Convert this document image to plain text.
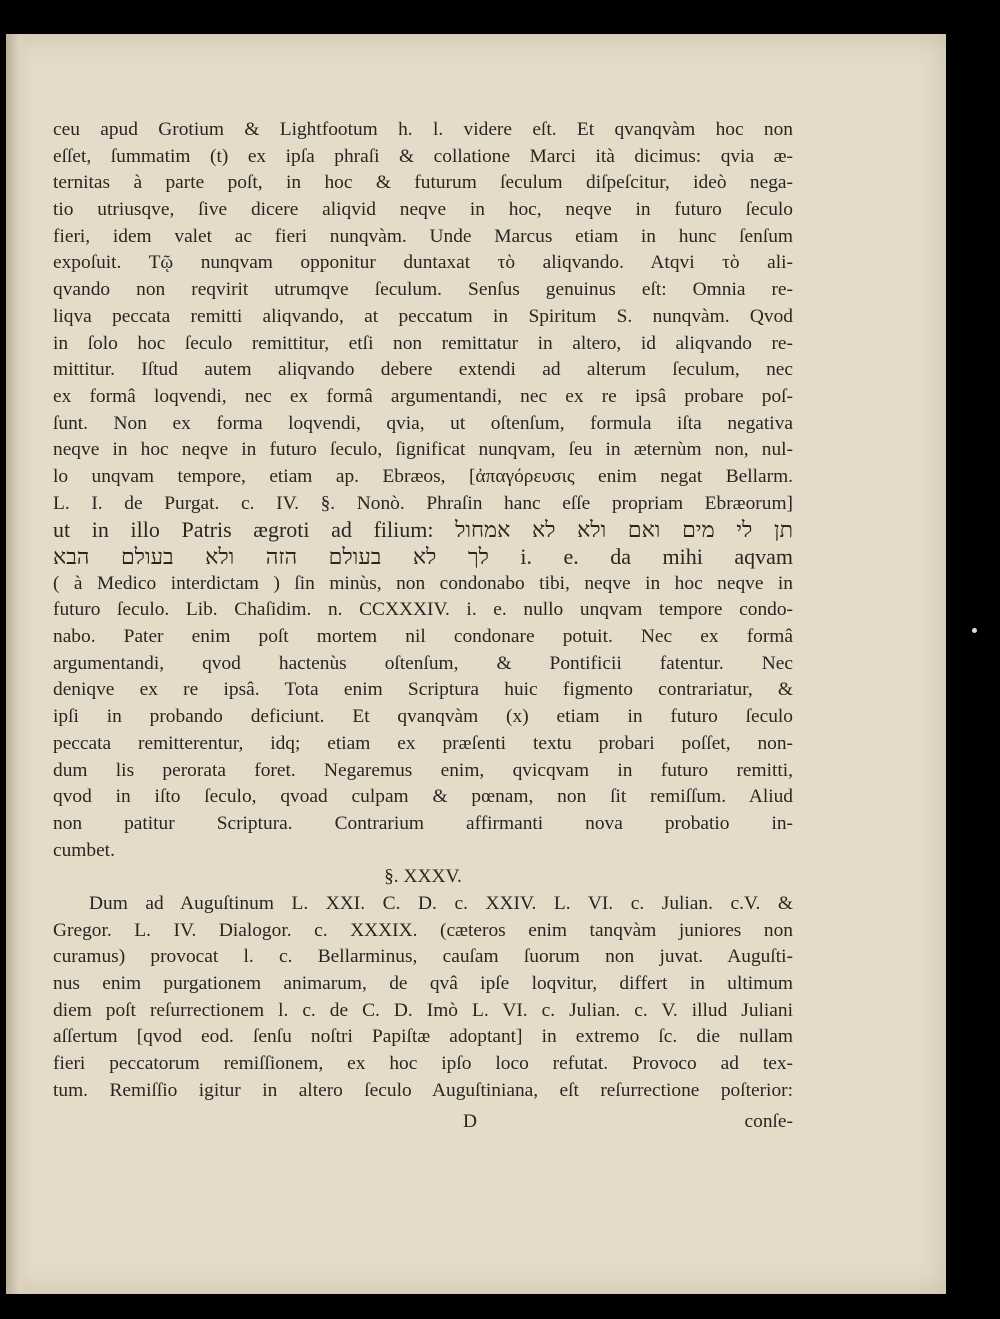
ceu apud Grotium & Lightfootum h. l. videre eſt. Et qvanqvàm hoc non
eſſet, ſummatim (t) ex ipſa phraſi & collatione Marci ità dicimus: qvia æ-
ternitas à parte poſt, in hoc & futurum ſeculum diſpeſcitur, ideò nega-
tio utriusqve, ſive dicere aliqvid neqve in hoc, neqve in futuro ſeculo
fieri, idem valet ac fieri nunqvàm. Unde Marcus etiam in hunc ſenſum
expoſuit. Tῷ nunqvam opponitur duntaxat τὸ aliqvando. Atqvi τὸ ali-
qvando non reqvirit utrumqve ſeculum. Senſus genuinus eſt: Omnia re-
liqva peccata remitti aliqvando, at peccatum in Spiritum S. nunqvàm. Qvod
in ſolo hoc ſeculo remittitur, etſi non remittatur in altero, id aliqvando re-
mittitur. Iſtud autem aliqvando debere extendi ad alterum ſeculum, nec
ex formâ loqvendi, nec ex formâ argumentandi, nec ex re ipsâ probare poſ-
ſunt. Non ex forma loqvendi, qvia, ut oſtenſum, formula iſta negativa
neqve in hoc neqve in futuro ſeculo, ſignificat nunqvam, ſeu in æternùm non, nul-
lo unqvam tempore, etiam ap. Ebræos, [ἀπαγόρευσις enim negat Bellarm.
L. I. de Purgat. c. IV. §. Nonò. Phraſin hanc eſſe propriam Ebræorum]
ut in illo Patris ægroti ad filium: תן לי מים ואם ולא לא אמחול
לך לא בעולם הזה ולא בעולם הבא i. e. da mihi aqvam
( à Medico interdictam ) ſin minùs, non condonabo tibi, neqve in hoc neqve in
futuro ſeculo. Lib. Chaſidim. n. CCXXXIV. i. e. nullo unqvam tempore condo-
nabo. Pater enim poſt mortem nil condonare potuit. Nec ex formâ
argumentandi, qvod hactenùs oſtenſum, & Pontificii fatentur. Nec
deniqve ex re ipsâ. Tota enim Scriptura huic figmento contrariatur, &
ipſi in probando deficiunt. Et qvanqvàm (x) etiam in futuro ſeculo
peccata remitterentur, idq; etiam ex præſenti textu probari poſſet, non-
dum lis perorata foret. Negaremus enim, qvicqvam in futuro remitti,
qvod in iſto ſeculo, qvoad culpam & pœnam, non ſit remiſſum. Aliud
non patitur Scriptura. Contrarium affirmanti nova probatio in-
cumbet.
§. XXXV.
Dum ad Auguſtinum L. XXI. C. D. c. XXIV. L. VI. c. Julian. c.V. &
Gregor. L. IV. Dialogor. c. XXXIX. (cæteros enim tanqvàm juniores non
curamus) provocat l. c. Bellarminus, cauſam ſuorum non juvat. Auguſti-
nus enim purgationem animarum, de qvâ ipſe loqvitur, differt in ultimum
diem poſt reſurrectionem l. c. de C. D. Imò L. VI. c. Julian. c. V. illud Juliani
aſſertum [qvod eod. ſenſu noſtri Papiſtæ adoptant] in extremo ſc. die nullam
fieri peccatorum remiſſionem, ex hoc ipſo loco refutat. Provoco ad tex-
tum. Remiſſio igitur in altero ſeculo Auguſtiniana, eſt reſurrectione poſterior:
D	conſe-
